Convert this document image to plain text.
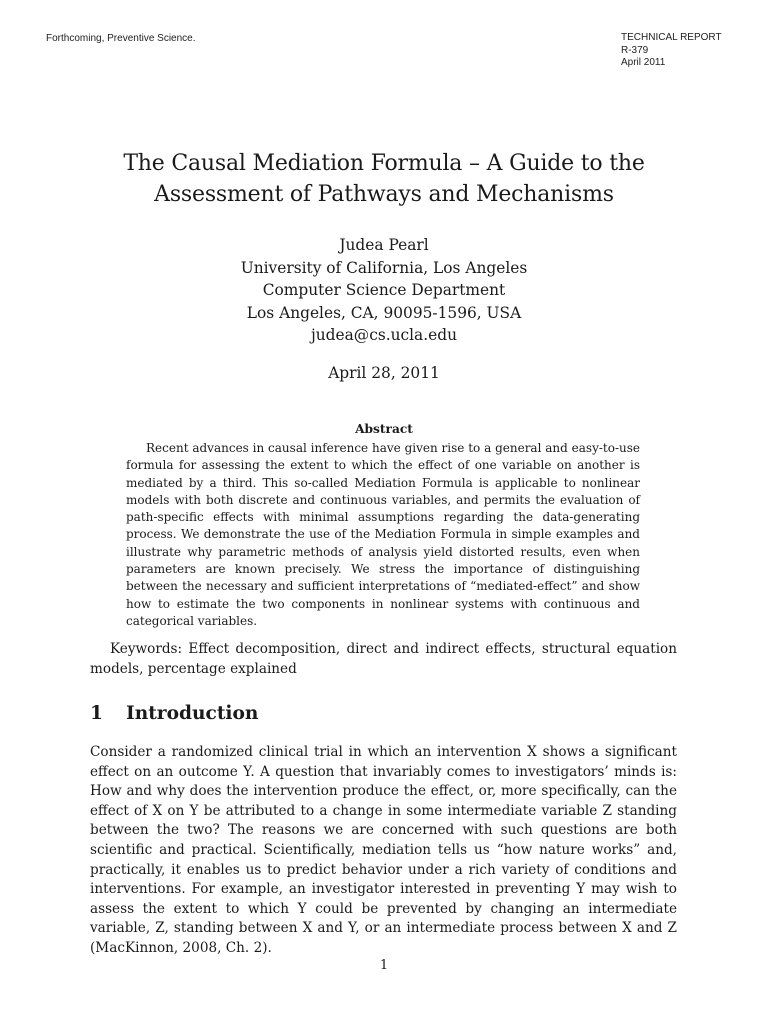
Forthcoming, Preventive Science.	TECHNICAL REPORT
R-379
April 2011
The Causal Mediation Formula – A Guide to the
Assessment of Pathways and Mechanisms
Judea Pearl
University of California, Los Angeles
Computer Science Department
Los Angeles, CA, 90095-1596, USA
judea@cs.ucla.edu
April 28, 2011
Abstract

Recent advances in causal inference have given rise to a general and easy-to-use formula for assessing the extent to which the effect of one variable on another is mediated by a third. This so-called Mediation Formula is applicable to nonlinear models with both discrete and continuous variables, and permits the evaluation of path-specific effects with minimal assumptions regarding the data-generating process. We demonstrate the use of the Mediation Formula in simple examples and illustrate why parametric methods of analysis yield distorted results, even when parameters are known precisely. We stress the importance of distinguishing between the necessary and sufficient interpretations of “mediated-effect” and show how to estimate the two components in nonlinear systems with continuous and categorical variables.

Keywords: Effect decomposition, direct and indirect effects, structural equation models, percentage explained

1 Introduction

Consider a randomized clinical trial in which an intervention X shows a significant effect on an outcome Y. A question that invariably comes to investigators’ minds is: How and why does the intervention produce the effect, or, more specifically, can the effect of X on Y be attributed to a change in some intermediate variable Z standing between the two? The reasons we are concerned with such questions are both scientific and practical. Scientifically, mediation tells us “how nature works” and, practically, it enables us to predict behavior under a rich variety of conditions and interventions. For example, an investigator interested in preventing Y may wish to assess the extent to which Y could be prevented by changing an intermediate variable, Z, standing between X and Y, or an intermediate process between X and Z (MacKinnon, 2008, Ch. 2).

1
